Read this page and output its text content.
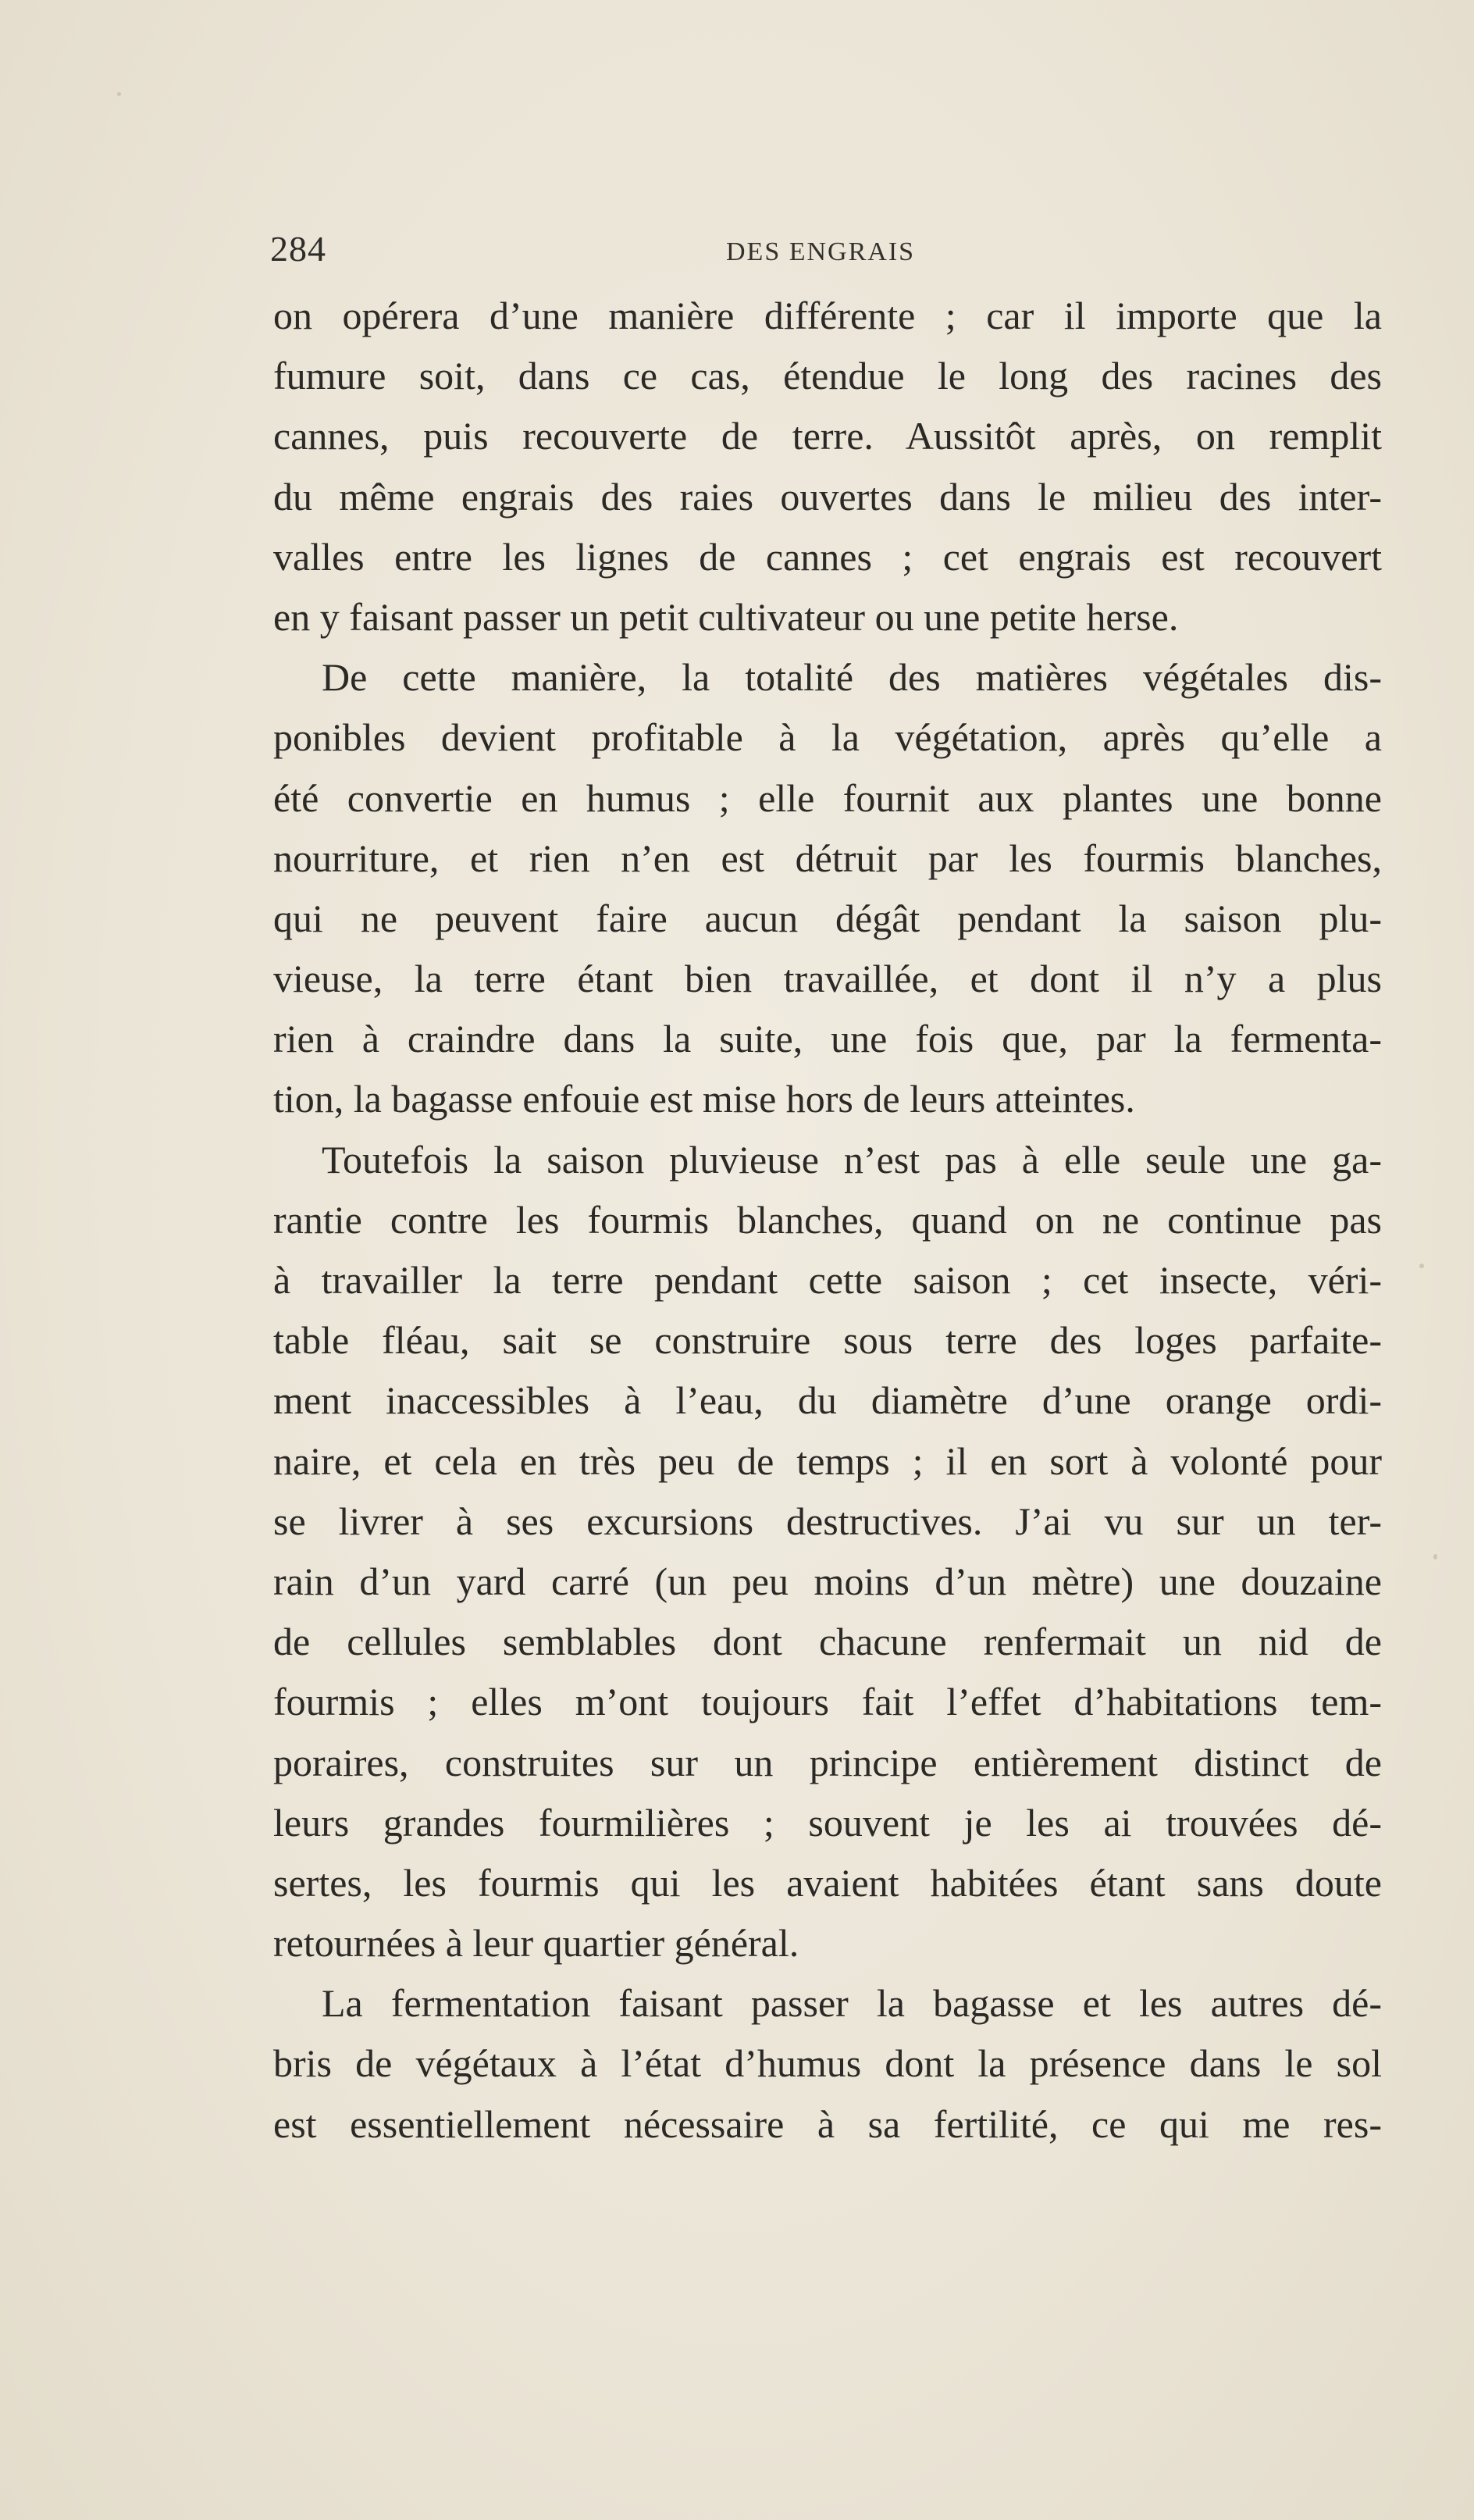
284	DES ENGRAIS
on opérera d’une manière différente ; car il importe que la
fumure soit, dans ce cas, étendue le long des racines des
cannes, puis recouverte de terre. Aussitôt après, on remplit
du même engrais des raies ouvertes dans le milieu des inter-
valles entre les lignes de cannes ; cet engrais est recouvert
en y faisant passer un petit cultivateur ou une petite herse.
De cette manière, la totalité des matières végétales dis-
ponibles devient profitable à la végétation, après qu’elle a
été convertie en humus ; elle fournit aux plantes une bonne
nourriture, et rien n’en est détruit par les fourmis blanches,
qui ne peuvent faire aucun dégât pendant la saison plu-
vieuse, la terre étant bien travaillée, et dont il n’y a plus
rien à craindre dans la suite, une fois que, par la fermenta-
tion, la bagasse enfouie est mise hors de leurs atteintes.
Toutefois la saison pluvieuse n’est pas à elle seule une ga-
rantie contre les fourmis blanches, quand on ne continue pas
à travailler la terre pendant cette saison ; cet insecte, véri-
table fléau, sait se construire sous terre des loges parfaite-
ment inaccessibles à l’eau, du diamètre d’une orange ordi-
naire, et cela en très peu de temps ; il en sort à volonté pour
se livrer à ses excursions destructives. J’ai vu sur un ter-
rain d’un yard carré (un peu moins d’un mètre) une douzaine
de cellules semblables dont chacune renfermait un nid de
fourmis ; elles m’ont toujours fait l’effet d’habitations tem-
poraires, construites sur un principe entièrement distinct de
leurs grandes fourmilières ; souvent je les ai trouvées dé-
sertes, les fourmis qui les avaient habitées étant sans doute
retournées à leur quartier général.
La fermentation faisant passer la bagasse et les autres dé-
bris de végétaux à l’état d’humus dont la présence dans le sol
est essentiellement nécessaire à sa fertilité, ce qui me res-
